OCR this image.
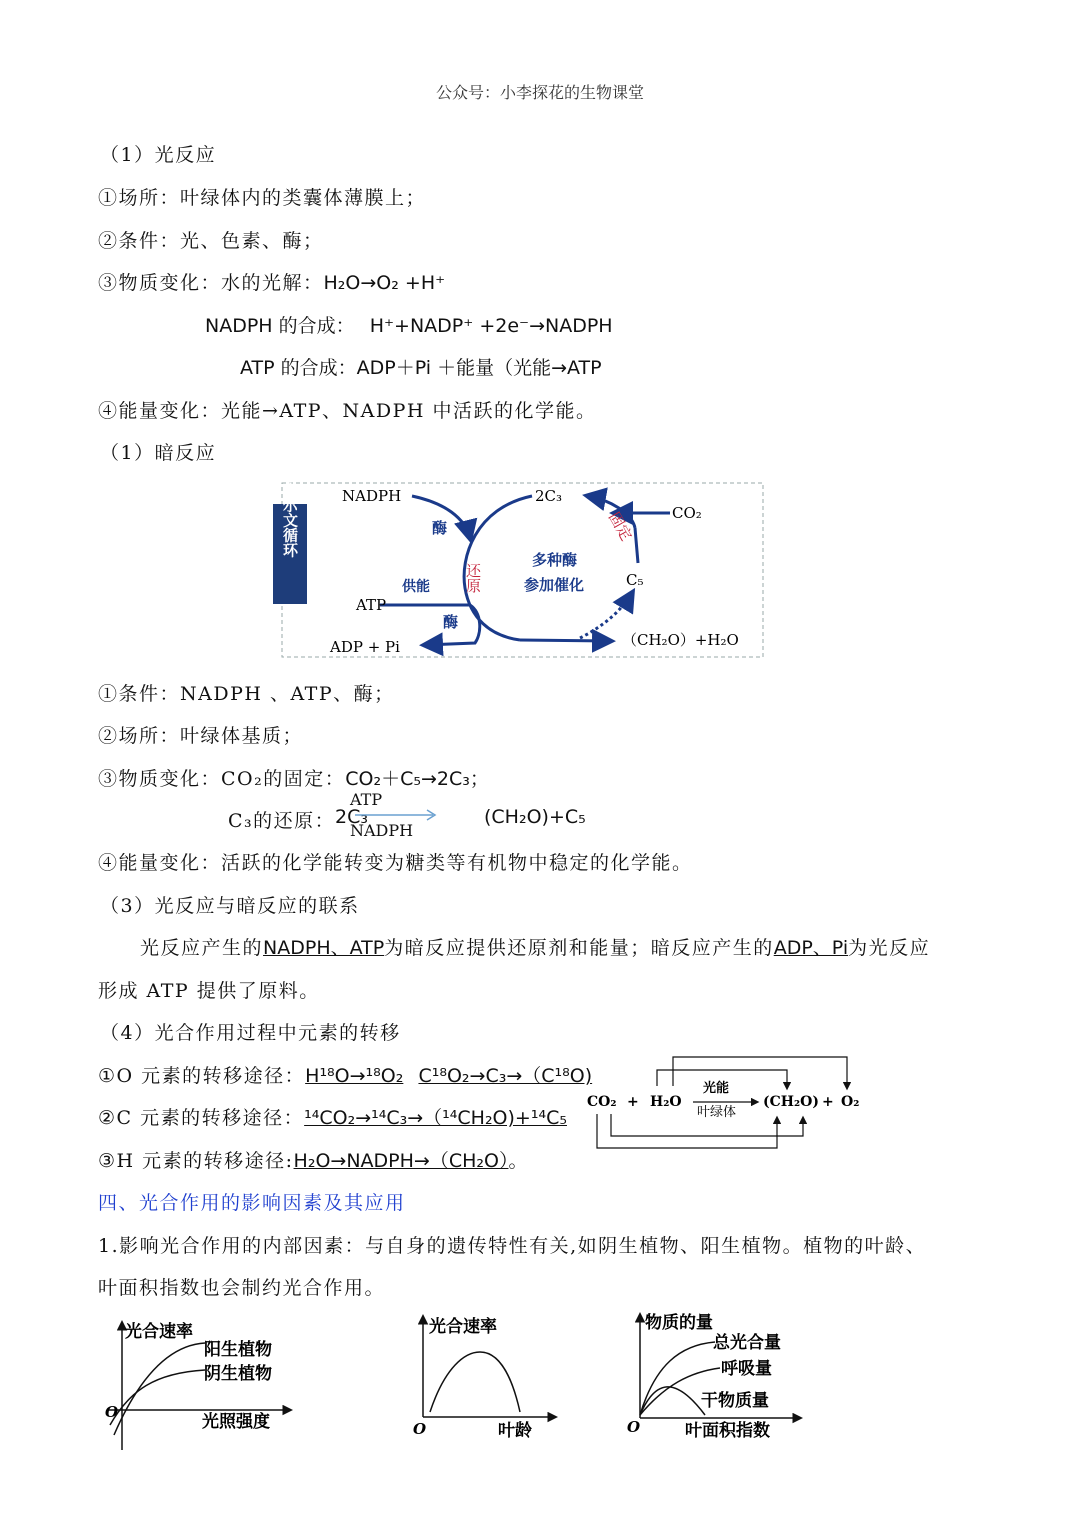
公众号：小李探花的生物课堂
（1）光反应
①场所：叶绿体内的类囊体薄膜上；
②条件：光、色素、酶；
③物质变化：水的光解：H₂O→O₂ +H⁺
NADPH 的合成： H⁺+NADP⁺ +2e⁻→NADPH
ATP 的合成：ADP＋Pi ＋能量（光能→ATP
④能量变化：光能→ATP、NADPH 中活跃的化学能。
（1）暗反应
卡尔文循环	NADPH	2C₃
CO₂
酶	固定
还原
多种酶
参加催化	C₅
供能
ATP
酶
ADP + Pi	（CH₂O）+H₂O
①条件：NADPH 、ATP、酶；
②场所：叶绿体基质；
③物质变化：CO₂的固定：CO₂＋C₅→2C₃；
C₃的还原： 2C₃
ATP
NADPH
(CH₂O)+C₅
④能量变化：活跃的化学能转变为糖类等有机物中稳定的化学能。
（3）光反应与暗反应的联系
光反应产生的NADPH、ATP为暗反应提供还原剂和能量；暗反应产生的ADP、Pi为光反应
形成 ATP 提供了原料。
（4）光合作用过程中元素的转移
①O 元素的转移途径：H¹⁸O→¹⁸O₂ C¹⁸O₂→C₃→（C¹⁸O)
②C 元素的转移途径：¹⁴CO₂→¹⁴C₃→（¹⁴CH₂O)+¹⁴C₅
③H 元素的转移途径:H₂O→NADPH→（CH₂O）。
CO₂ + H₂O
光能
叶绿体
(CH₂O) + O₂
四、光合作用的影响因素及其应用
1.影响光合作用的内部因素：与自身的遗传特性有关,如阴生植物、阳生植物。植物的叶龄、
叶面积指数也会制约光合作用。
光合速率
阳生植物
阴生植物
O	光照强度
光合速率
O	叶龄
物质的量
总光合量
呼吸量
干物质量
O	叶面积指数
